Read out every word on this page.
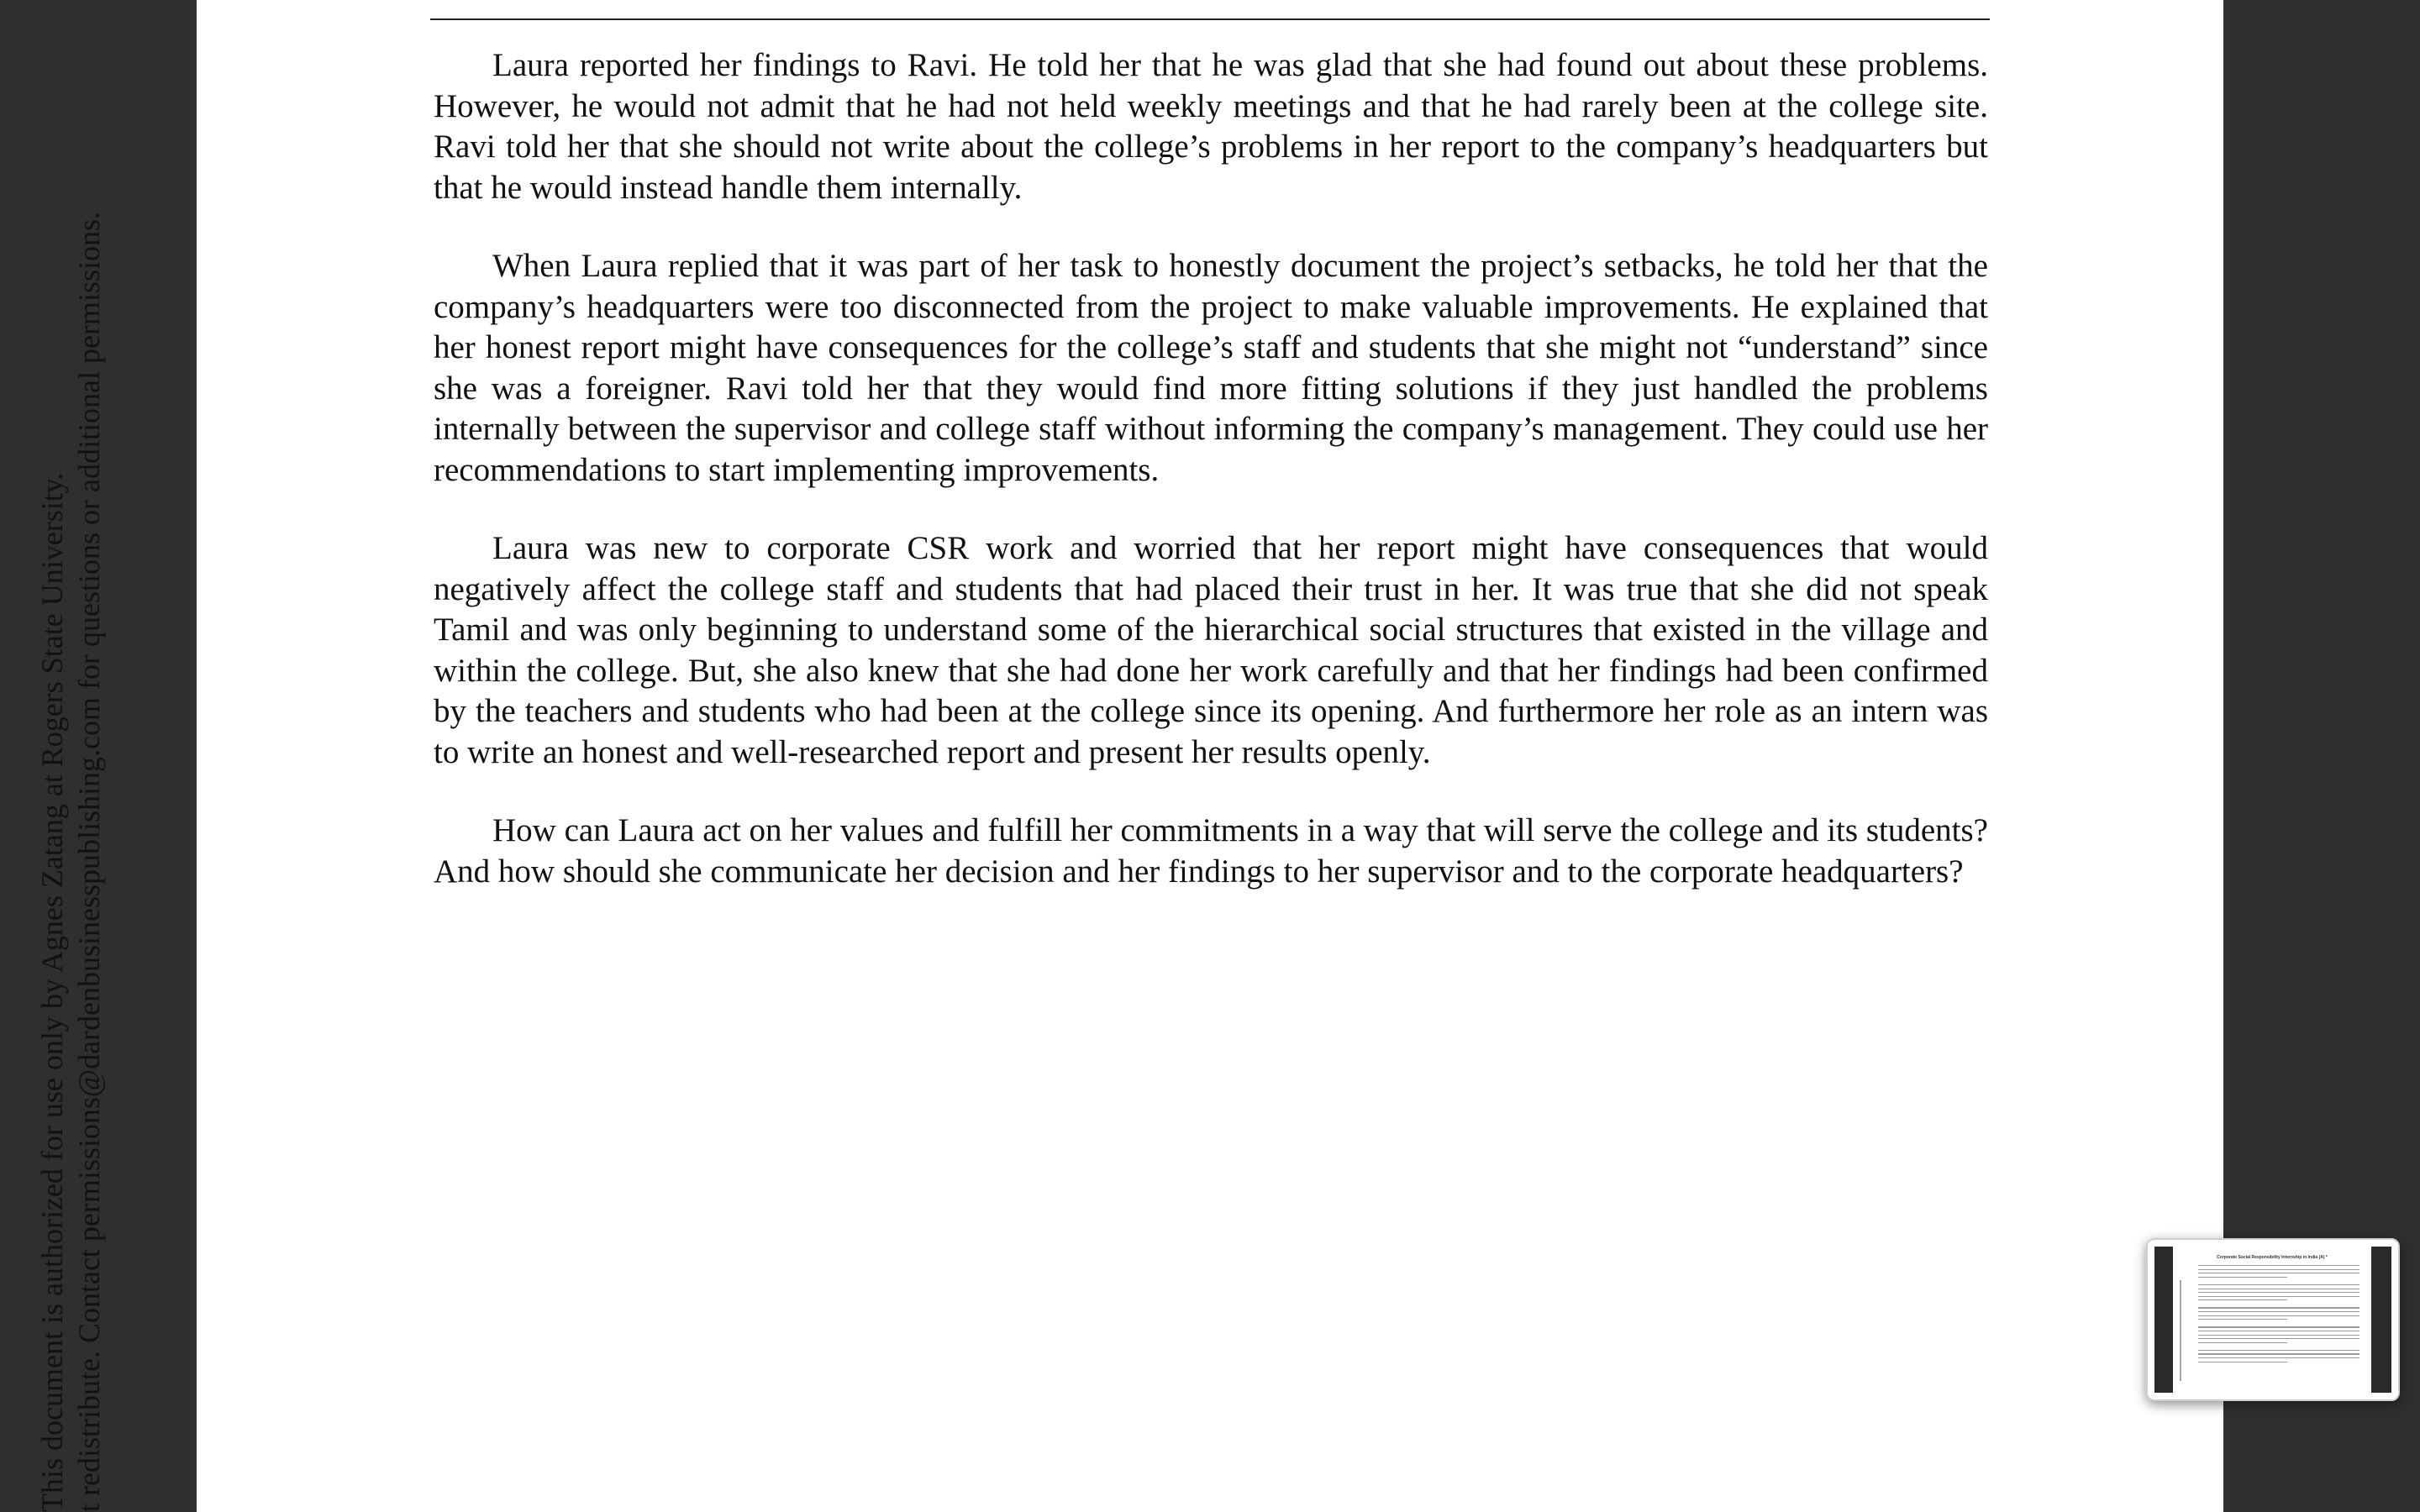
Laura reported her findings to Ravi. He told her that he was glad that she had found out about these problems. However, he would not admit that he had not held weekly meetings and that he had rarely been at the college site. Ravi told her that she should not write about the college’s problems in her report to the company’s headquarters but that he would instead handle them internally.

When Laura replied that it was part of her task to honestly document the project’s setbacks, he told her that the company’s headquarters were too disconnected from the project to make valuable improvements. He explained that her honest report might have consequences for the college’s staff and students that she might not “understand” since she was a foreigner. Ravi told her that they would find more fitting solutions if they just handled the problems internally between the supervisor and college staff without informing the company’s management. They could use her recommendations to start implementing improvements.

Laura was new to corporate CSR work and worried that her report might have consequences that would negatively affect the college staff and students that had placed their trust in her. It was true that she did not speak Tamil and was only beginning to understand some of the hierarchical social structures that existed in the village and within the college. But, she also knew that she had done her work carefully and that her findings had been confirmed by the teachers and students who had been at the college since its opening. And furthermore her role as an intern was to write an honest and well-researched report and present her results openly.

How can Laura act on her values and fulfill her commitments in a way that will serve the college and its students? And how should she communicate her decision and her findings to her supervisor and to the corporate headquarters?

This document is authorized for use only by Agnes Zatang at Rogers State University. t redistribute. Contact permissions@dardenbusinesspublishing.com for questions or additional permissions.	Corporate Social Responsibility Internship in India (A) *
